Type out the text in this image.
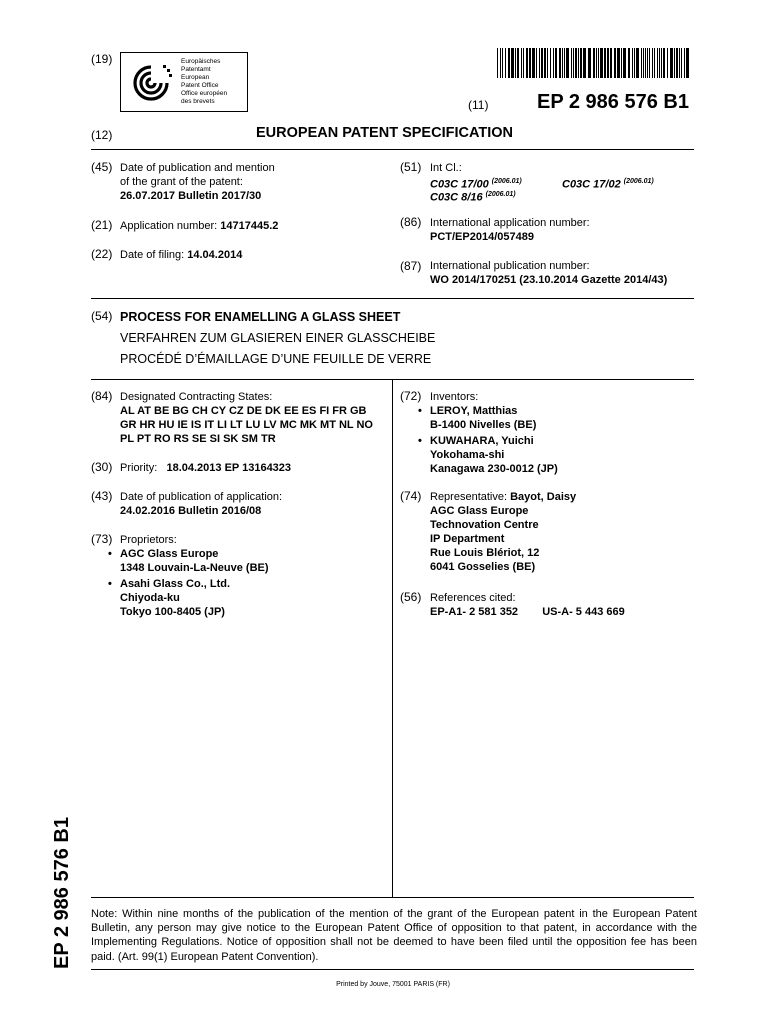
(19)	Europäisches
Patentamt
European
Patent Office
Office européen
des brevets	(11) EP 2 986 576 B1
(12)	EUROPEAN PATENT SPECIFICATION
(45) Date of publication and mention
of the grant of the patent:
26.07.2017 Bulletin 2017/30
(51) Int Cl.:
C03C 17/00 $^{(2006.01)}$	C03C 17/02 $^{(2006.01)}$
C03C 8/16 $^{(2006.01)}$
(21) Application number: 14717445.2	(86) International application number:
PCT/EP2014/057489
(22) Date of filing: 14.04.2014
(87) International publication number:
WO 2014/170251 (23.10.2014 Gazette 2014/43)
(54) PROCESS FOR ENAMELLING A GLASS SHEET
VERFAHREN ZUM GLASIEREN EINER GLASSCHEIBE
PROCÉDÉ D’ÉMAILLAGE D’UNE FEUILLE DE VERRE
(84) Designated Contracting States:
AL AT BE BG CH CY CZ DE DK EE ES FI FR GB
GR HR HU IE IS IT LI LT LU LV MC MK MT NL NO
PL PT RO RS SE SI SK SM TR
(30) Priority: 18.04.2013 EP 13164323
(43) Date of publication of application:
24.02.2016 Bulletin 2016/08
(73) Proprietors:
• AGC Glass Europe
1348 Louvain-La-Neuve (BE)
• Asahi Glass Co., Ltd.
Chiyoda-ku
Tokyo 100-8405 (JP)
(72) Inventors:
• LEROY, Matthias
B-1400 Nivelles (BE)
• KUWAHARA, Yuichi
Yokohama-shi
Kanagawa 230-0012 (JP)
(74) Representative: Bayot, Daisy
AGC Glass Europe
Technovation Centre
IP Department
Rue Louis Blériot, 12
6041 Gosselies (BE)
(56) References cited:
EP-A1- 2 581 352 US-A- 5 443 669
EP 2 986 576 B1 Note: Within nine months of the publication of the mention of the grant of the European patent in the European Patent Bulletin, any person may give notice to the European Patent Office of opposition to that patent, in accordance with the Implementing Regulations. Notice of opposition shall not be deemed to have been filed until the opposition fee has been paid. (Art. 99(1) European Patent Convention).
Printed by Jouve, 75001 PARIS (FR)
